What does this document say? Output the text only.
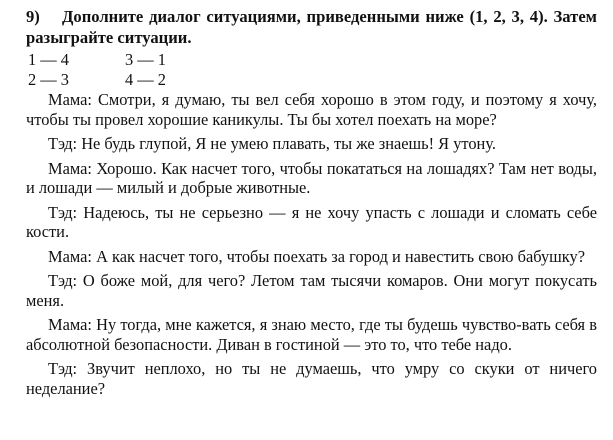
9) Дополните диалог ситуациями, приведенными ниже (1, 2, 3, 4). Затем разыграйте ситуации.

1 — 4	3 — 1
2 — 3	4 — 2

Мама: Смотри, я думаю, ты вел себя хорошо в этом году, и поэтому я хочу, чтобы ты провел хорошие каникулы. Ты бы хотел поехать на море?

Тэд: Не будь глупой, Я не умею плавать, ты же знаешь! Я утону.

Мама: Хорошо. Как насчет того, чтобы покататься на лошадях? Там нет воды, и лошади — милый и добрые животные.

Тэд: Надеюсь, ты не серьезно — я не хочу упасть с лошади и сломать себе кости.

Мама: А как насчет того, чтобы поехать за город и навестить свою бабушку?

Тэд: О боже мой, для чего? Летом там тысячи комаров. Они могут покусать меня.

Мама: Ну тогда, мне кажется, я знаю место, где ты будешь чувство-вать себя в абсолютной безопасности. Диван в гостиной — это то, что тебе надо.

Тэд: Звучит неплохо, но ты не думаешь, что умру со скуки от ничего неделание?
